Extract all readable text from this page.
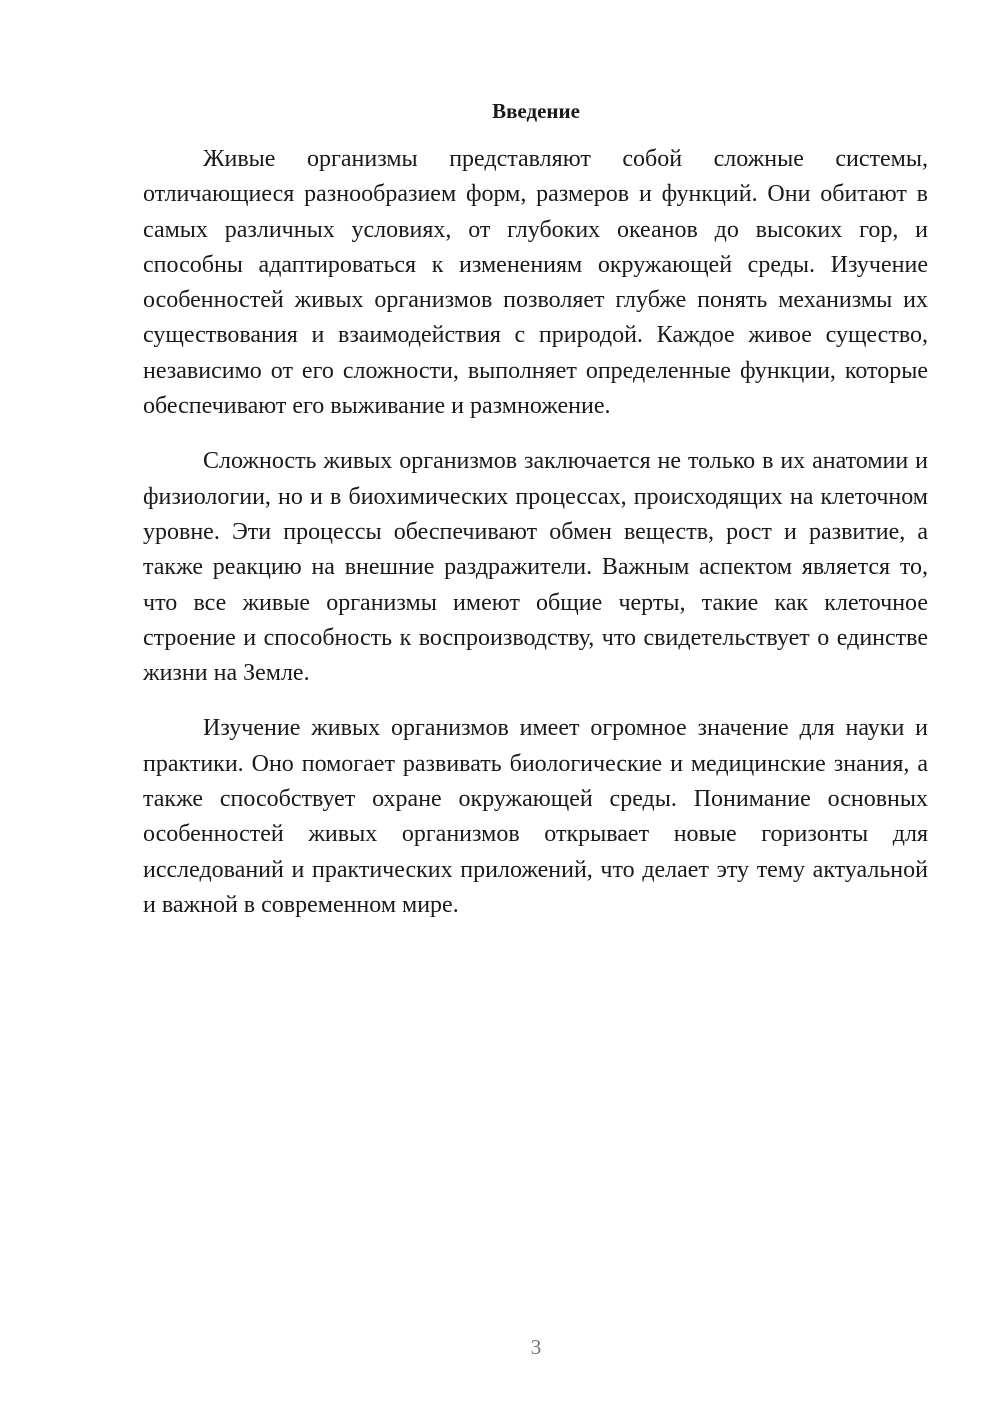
Введение

Живые организмы представляют собой сложные системы, отличающиеся разнообразием форм, размеров и функций. Они обитают в самых различных условиях, от глубоких океанов до высоких гор, и способны адаптироваться к изменениям окружающей среды. Изучение особенностей живых организмов позволяет глубже понять механизмы их существования и взаимодействия с природой. Каждое живое существо, независимо от его сложности, выполняет определенные функции, которые обеспечивают его выживание и размножение.

Сложность живых организмов заключается не только в их анатомии и физиологии, но и в биохимических процессах, происходящих на клеточном уровне. Эти процессы обеспечивают обмен веществ, рост и развитие, а также реакцию на внешние раздражители. Важным аспектом является то, что все живые организмы имеют общие черты, такие как клеточное строение и способность к воспроизводству, что свидетельствует о единстве жизни на Земле.

Изучение живых организмов имеет огромное значение для науки и практики. Оно помогает развивать биологические и медицинские знания, а также способствует охране окружающей среды. Понимание основных особенностей живых организмов открывает новые горизонты для исследований и практических приложений, что делает эту тему актуальной и важной в современном мире.

3
